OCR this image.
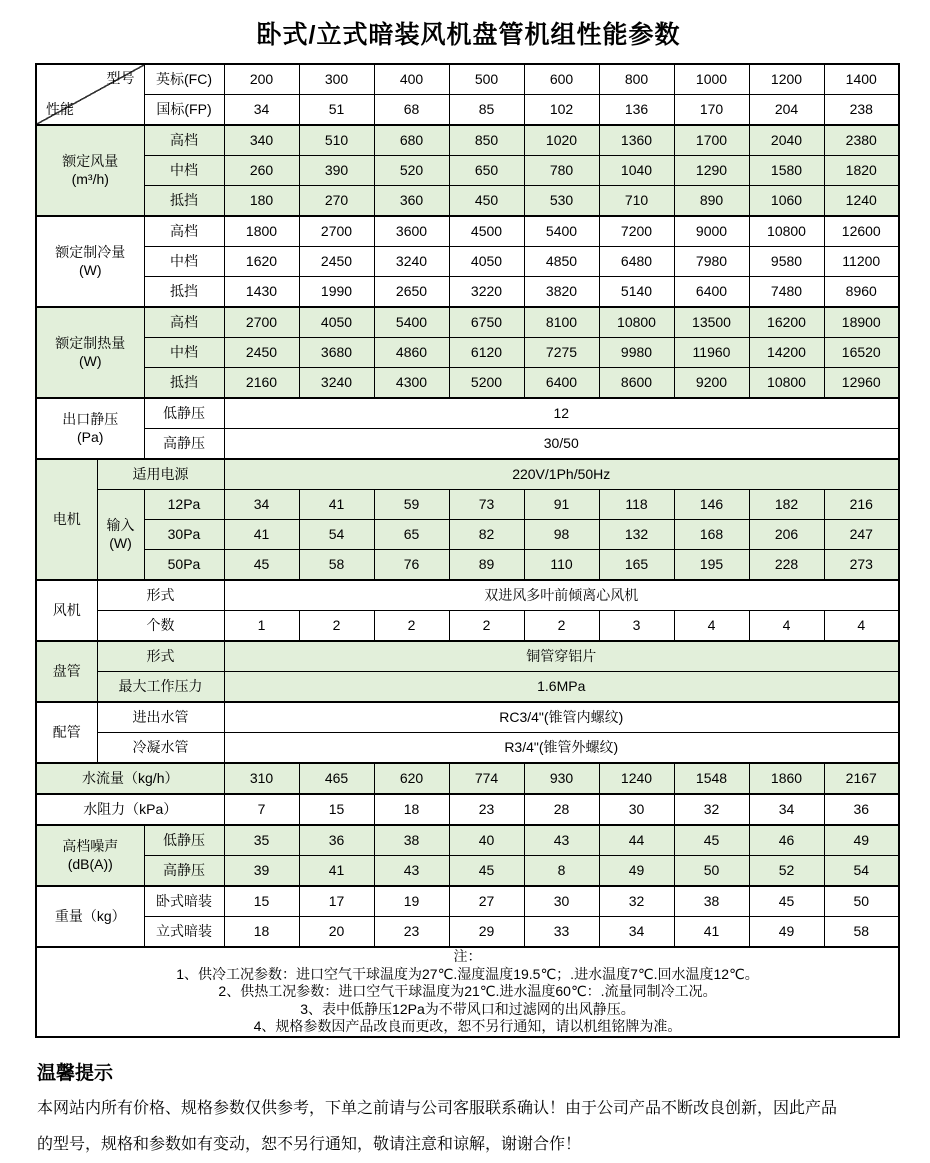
卧式/立式暗装风机盘管机组性能参数
型号
性能		英标(FC)	200	300	400	500	600	800	1000	1200	1400
		国标(FP)	34	51	68	85	102	136	170	204	238
额定风量
(m³/h)		高档	340	510	680	850	1020	1360	1700	2040	2380
		中档	260	390	520	650	780	1040	1290	1580	1820
		抵挡	180	270	360	450	530	710	890	1060	1240
额定制冷量
(W)		高档	1800	2700	3600	4500	5400	7200	9000	10800	12600
		中档	1620	2450	3240	4050	4850	6480	7980	9580	11200
		抵挡	1430	1990	2650	3220	3820	5140	6400	7480	8960
额定制热量
(W)		高档	2700	4050	5400	6750	8100	10800	13500	16200	18900
		中档	2450	3680	4860	6120	7275	9980	11960	14200	16520
		抵挡	2160	3240	4300	5200	6400	8600	9200	10800	12960
出口静压
(Pa)		低静压	12								
		高静压	30/50								
电机	适用电源		220V/1Ph/50Hz								
	输入
(W)	12Pa	34	41	59	73	91	118	146	182	216
		30Pa	41	54	65	82	98	132	168	206	247
		50Pa	45	58	76	89	110	165	195	228	273
风机	形式		双进风多叶前倾离心风机								
	个数		1	2	2	2	2	3	4	4	4
盘管	形式		铜管穿铝片								
	最大工作压力		1.6MPa								
配管	进出水管		RC3/4"(锥管内螺纹)								
	冷凝水管		R3/4"(锥管外螺纹)								
水流量（kg/h）			310	465	620	774	930	1240	1548	1860	2167
水阻力（kPa）			7	15	18	23	28	30	32	34	36
高档噪声
(dB(A))		低静压	35	36	38	40	43	44	45	46	49
		高静压	39	41	43	45	8	49	50	52	54
重量（kg）		卧式暗装	15	17	19	27	30	32	38	45	50
		立式暗装	18	20	23	29	33	34	41	49	58

注：
1、供冷工况参数：进口空气干球温度为27℃.湿度温度19.5℃；.进水温度7℃.回水温度12℃。
2、供热工况参数：进口空气干球温度为21℃.进水温度60℃：.流量同制冷工况。
3、表中低静压12Pa为不带风口和过滤网的出风静压。
4、规格参数因产品改良而更改，恕不另行通知，请以机组铭牌为准。											
温馨提示
本网站内所有价格、规格参数仅供参考，下单之前请与公司客服联系确认！由于公司产品不断改良创新，因此产品的型号，规格和参数如有变动，恕不另行通知，敬请注意和谅解，谢谢合作！
